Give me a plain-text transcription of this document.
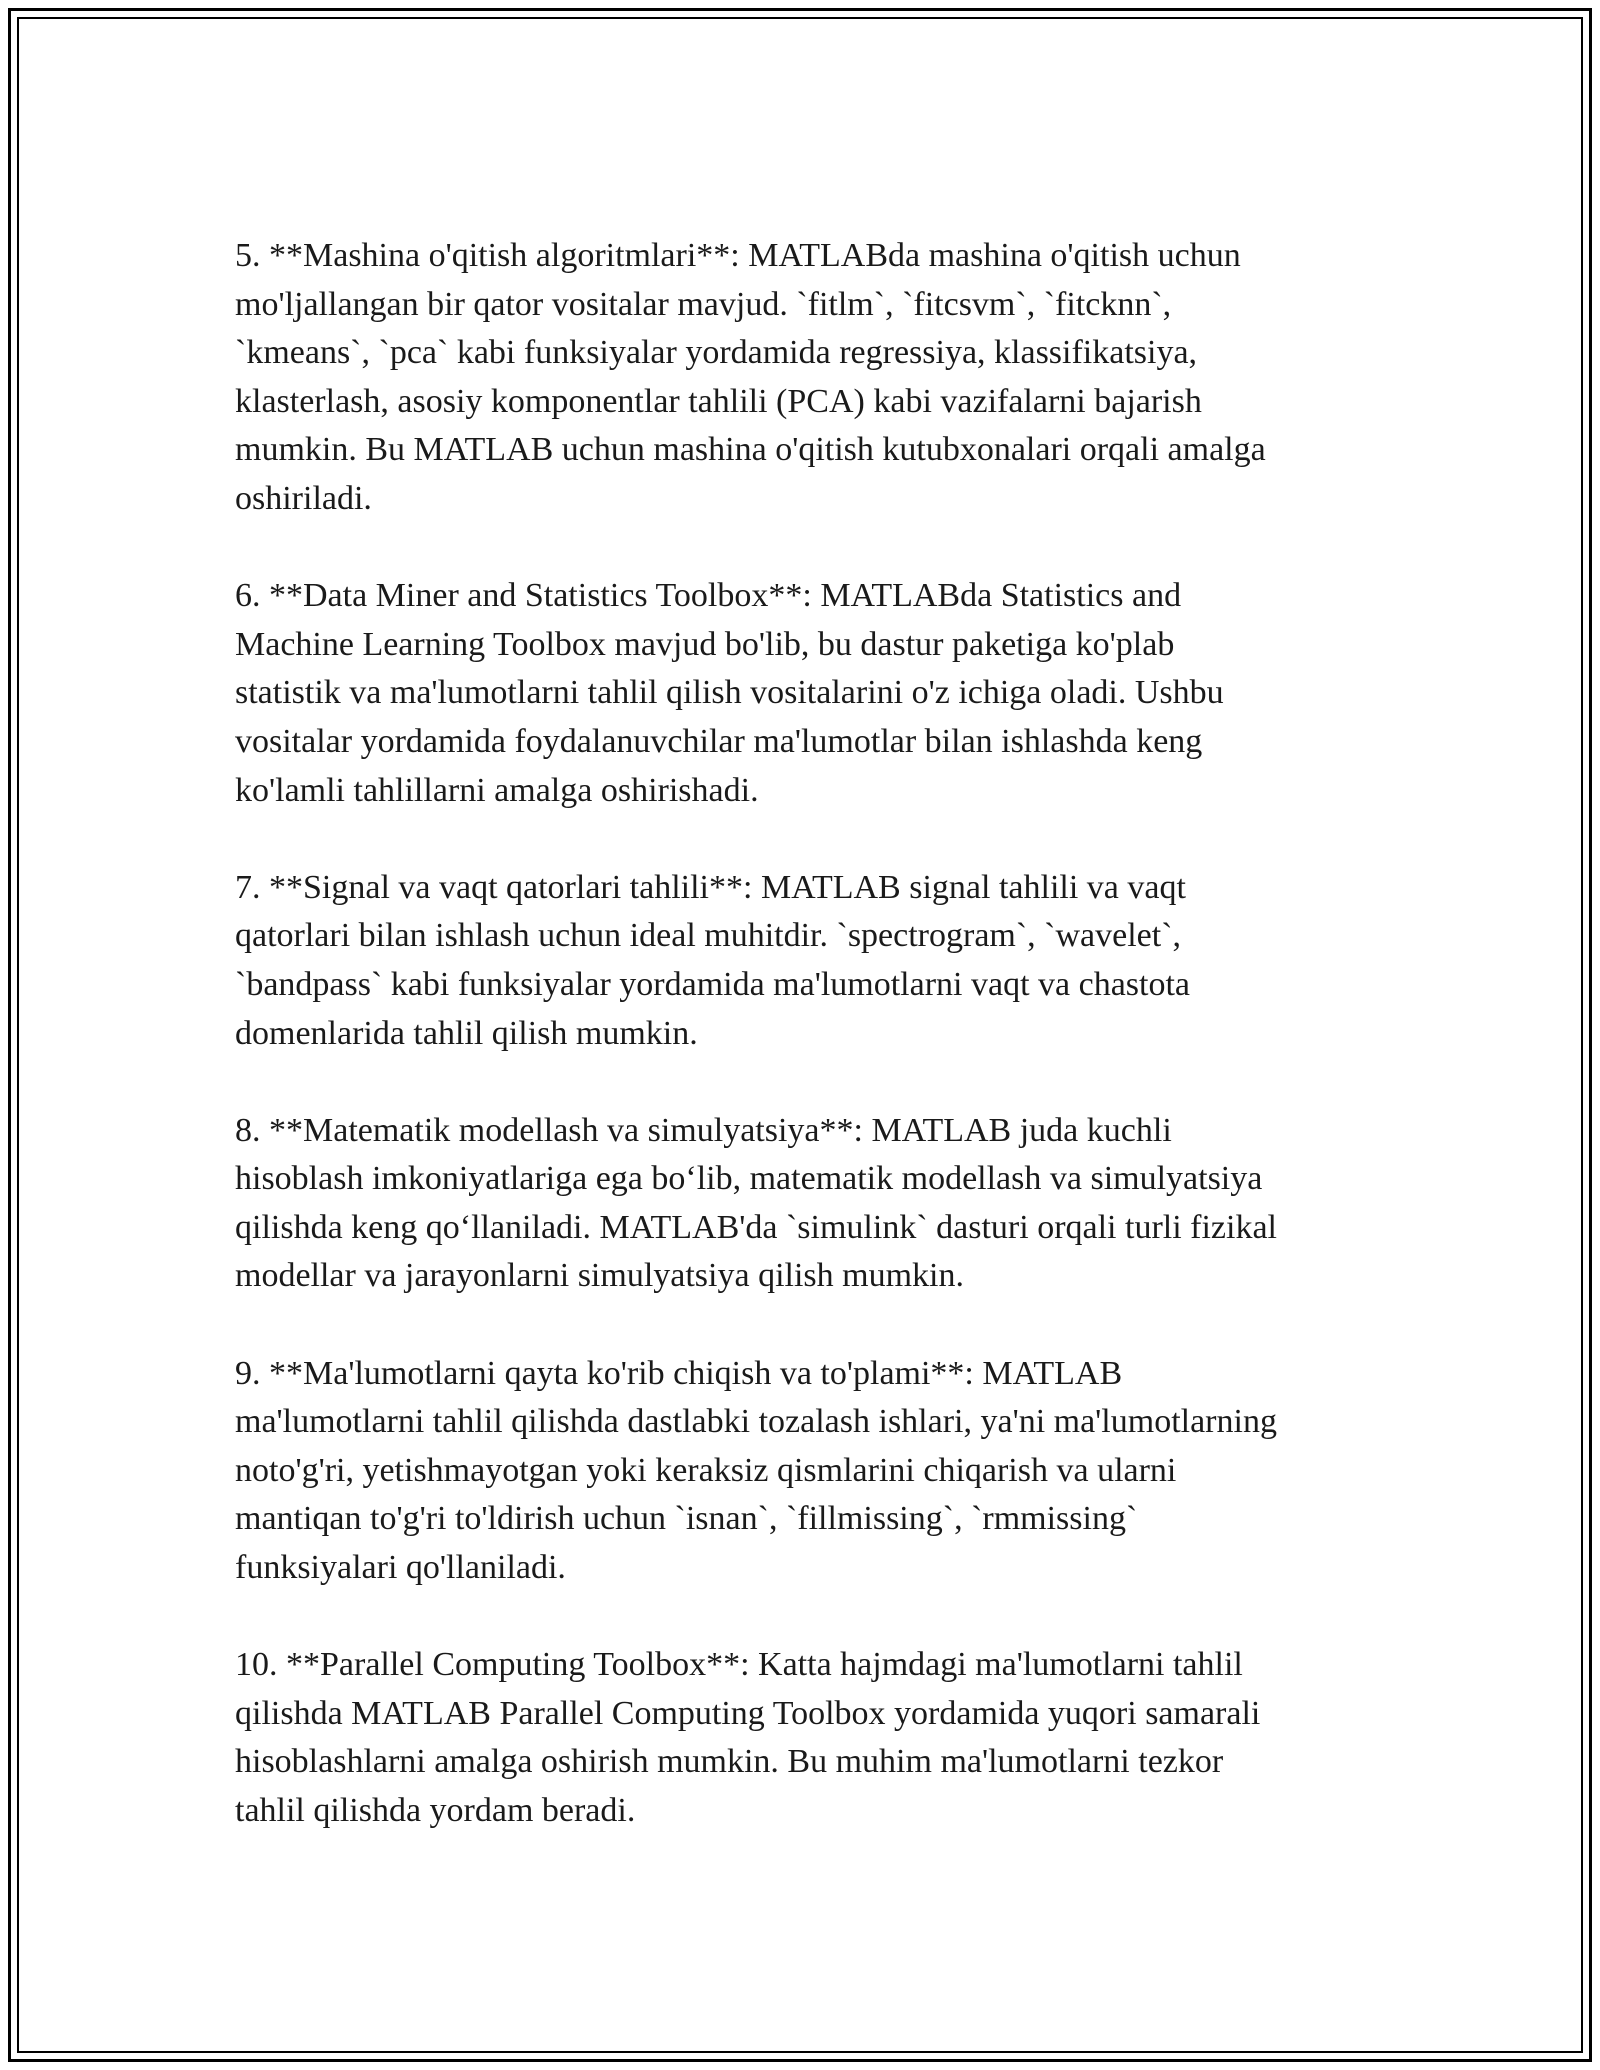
5. **Mashina o'qitish algoritmlari**: MATLABda mashina o'qitish uchun
mo'ljallangan bir qator vositalar mavjud. `fitlm`, `fitcsvm`, `fitcknn`,
`kmeans`, `pca` kabi funksiyalar yordamida regressiya, klassifikatsiya,
klasterlash, asosiy komponentlar tahlili (PCA) kabi vazifalarni bajarish
mumkin. Bu MATLAB uchun mashina o'qitish kutubxonalari orqali amalga
oshiriladi.

6. **Data Miner and Statistics Toolbox**: MATLABda Statistics and
Machine Learning Toolbox mavjud bo'lib, bu dastur paketiga ko'plab
statistik va ma'lumotlarni tahlil qilish vositalarini o'z ichiga oladi. Ushbu
vositalar yordamida foydalanuvchilar ma'lumotlar bilan ishlashda keng
ko'lamli tahlillarni amalga oshirishadi.

7. **Signal va vaqt qatorlari tahlili**: MATLAB signal tahlili va vaqt
qatorlari bilan ishlash uchun ideal muhitdir. `spectrogram`, `wavelet`,
`bandpass` kabi funksiyalar yordamida ma'lumotlarni vaqt va chastota
domenlarida tahlil qilish mumkin.

8. **Matematik modellash va simulyatsiya**: MATLAB juda kuchli
hisoblash imkoniyatlariga ega bo‘lib, matematik modellash va simulyatsiya
qilishda keng qo‘llaniladi. MATLAB'da `simulink` dasturi orqali turli fizikal
modellar va jarayonlarni simulyatsiya qilish mumkin.

9. **Ma'lumotlarni qayta ko'rib chiqish va to'plami**: MATLAB
ma'lumotlarni tahlil qilishda dastlabki tozalash ishlari, ya'ni ma'lumotlarning
noto'g'ri, yetishmayotgan yoki keraksiz qismlarini chiqarish va ularni
mantiqan to'g'ri to'ldirish uchun `isnan`, `fillmissing`, `rmmissing`
funksiyalari qo'llaniladi.

10. **Parallel Computing Toolbox**: Katta hajmdagi ma'lumotlarni tahlil
qilishda MATLAB Parallel Computing Toolbox yordamida yuqori samarali
hisoblashlarni amalga oshirish mumkin. Bu muhim ma'lumotlarni tezkor
tahlil qilishda yordam beradi.
